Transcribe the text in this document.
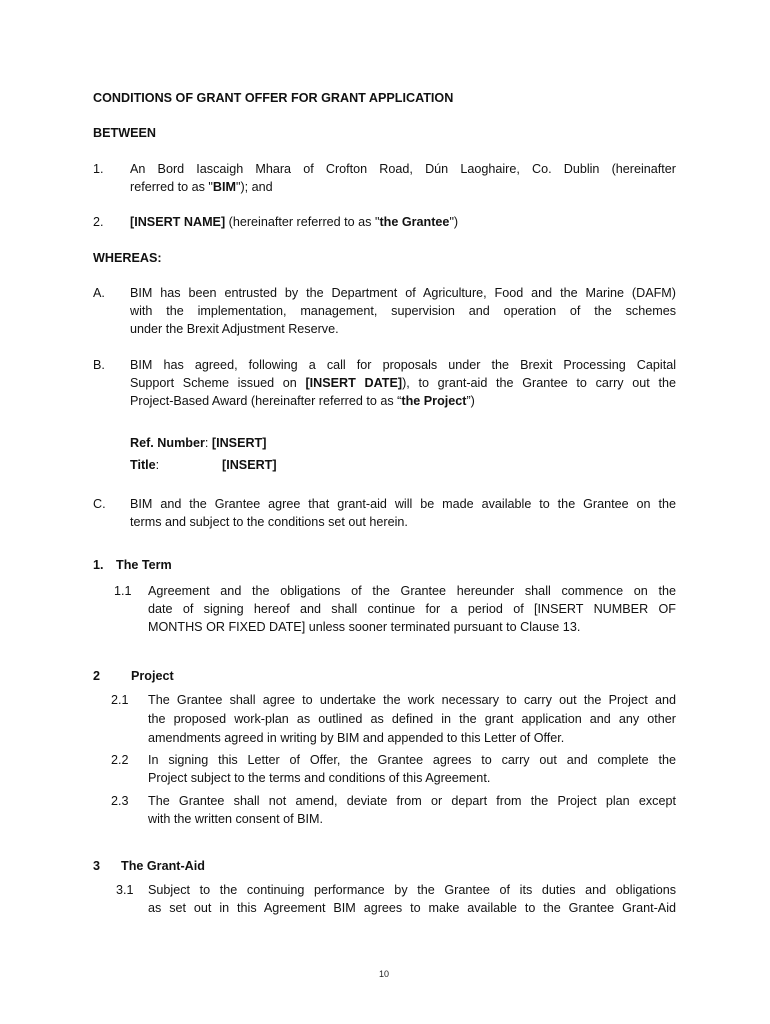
CONDITIONS OF GRANT OFFER FOR GRANT APPLICATION
BETWEEN
1. An Bord Iascaigh Mhara of Crofton Road, Dún Laoghaire, Co. Dublin (hereinafter
referred to as "BIM"); and
2. [INSERT NAME] (hereinafter referred to as "the Grantee")
WHEREAS:
A. BIM has been entrusted by the Department of Agriculture, Food and the Marine (DAFM)
with the implementation, management, supervision and operation of the schemes
under the Brexit Adjustment Reserve.
B. BIM has agreed, following a call for proposals under the Brexit Processing Capital
Support Scheme issued on [INSERT DATE]), to grant-aid the Grantee to carry out the
Project-Based Award (hereinafter referred to as “the Project”)
Ref. Number: [INSERT]
Title:	[INSERT]
C. BIM and the Grantee agree that grant-aid will be made available to the Grantee on the
terms and subject to the conditions set out herein.
1. The Term
1.1 Agreement and the obligations of the Grantee hereunder shall commence on the
date of signing hereof and shall continue for a period of [INSERT NUMBER OF
MONTHS OR FIXED DATE] unless sooner terminated pursuant to Clause 13.
2 Project
2.1 The Grantee shall agree to undertake the work necessary to carry out the Project and
the proposed work-plan as outlined as defined in the grant application and any other
amendments agreed in writing by BIM and appended to this Letter of Offer.
2.2 In signing this Letter of Offer, the Grantee agrees to carry out and complete the
Project subject to the terms and conditions of this Agreement.
2.3 The Grantee shall not amend, deviate from or depart from the Project plan except
with the written consent of BIM.
3 The Grant-Aid
3.1 Subject to the continuing performance by the Grantee of its duties and obligations
as set out in this Agreement BIM agrees to make available to the Grantee Grant-Aid
10
